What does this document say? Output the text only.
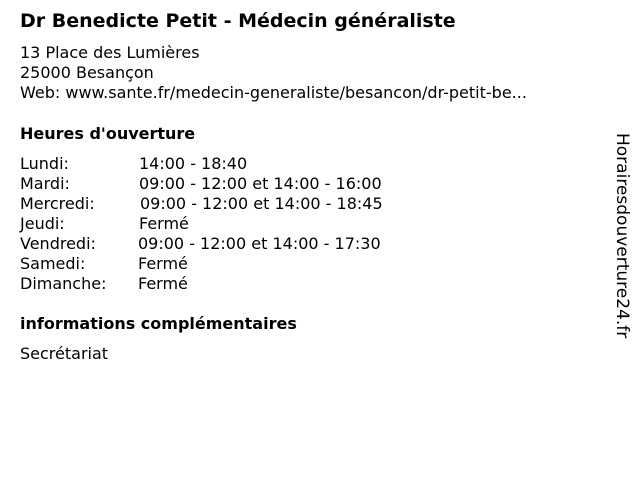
Dr Benedicte Petit - Médecin généraliste
13 Place des Lumières
25000 Besançon
Web: www.sante.fr/medecin-generaliste/besancon/dr-petit-be...
Heures d'ouverture
Lundi:	14:00 - 18:40
Mardi:	09:00 - 12:00 et 14:00 - 16:00
Mercredi:	09:00 - 12:00 et 14:00 - 18:45
Jeudi:	Fermé
Vendredi:	09:00 - 12:00 et 14:00 - 17:30
Samedi:	Fermé
Dimanche: Fermé
informations complémentaires
Secrétariat
Horairesdouverture24.fr
